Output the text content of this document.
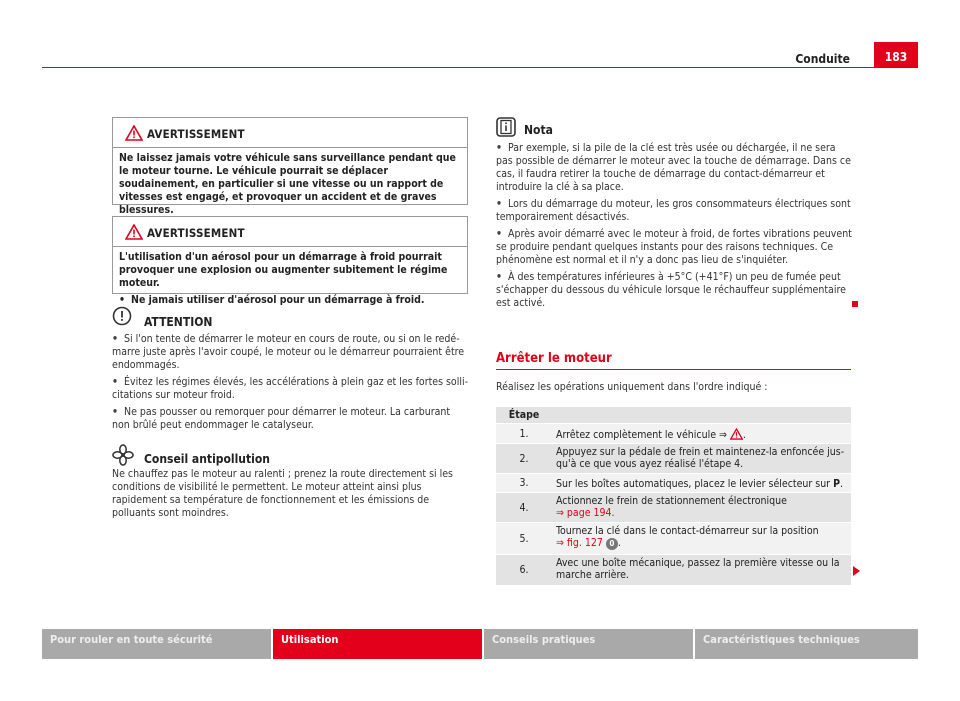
Conduite	183
AVERTISSEMENT

Ne laissez jamais votre véhicule sans surveillance pendant que le moteur tourne. Le véhicule pourrait se déplacer soudainement, en particulier si une vitesse ou un rapport de vitesses est engagé, et provoquer un accident et de graves blessures.

AVERTISSEMENT

L'utilisation d'un aérosol pour un démarrage à froid pourrait provoquer une explosion ou augmenter subitement le régime moteur.

• Ne jamais utiliser d'aérosol pour un démarrage à froid.

ATTENTION
• Si l'on tente de démarrer le moteur en cours de route, ou si on le redémarre juste après l'avoir coupé, le moteur ou le démarreur pourraient être endommagés.
• Évitez les régimes élevés, les accélérations à plein gaz et les fortes sollicitations sur moteur froid.
• Ne pas pousser ou remorquer pour démarrer le moteur. La carburant non brûlé peut endommager le catalyseur.
Conseil antipollution
Ne chauffez pas le moteur au ralenti ; prenez la route directement si les conditions de visibilité le permettent. Le moteur atteint ainsi plus rapidement sa température de fonctionnement et les émissions de polluants sont moindres.
Nota
• Par exemple, si la pile de la clé est très usée ou déchargée, il ne sera pas possible de démarrer le moteur avec la touche de démarrage. Dans ce cas, il faudra retirer la touche de démarrage du contact-démarreur et introduire la clé à sa place.
• Lors du démarrage du moteur, les gros consommateurs électriques sont temporairement désactivés.
• Après avoir démarré avec le moteur à froid, de fortes vibrations peuvent se produire pendant quelques instants pour des raisons techniques. Ce phénomène est normal et il n'y a donc pas lieu de s'inquiéter.
• À des températures inférieures à +5°C (+41°F) un peu de fumée peut s'échapper du dessous du véhicule lorsque le réchauffeur supplémentaire est activé.
Arrêter le moteur
Réalisez les opérations uniquement dans l'ordre indiqué :
Étape	
1.	Arrêtez complètement le véhicule ⇒ .
2.	Appuyez sur la pédale de frein et maintenez-la enfoncée jusqu'à ce que vous ayez réalisé l'étape 4.
3.	Sur les boîtes automatiques, placez le levier sélecteur sur P.
4.	Actionnez le frein de stationnement électronique
⇒ page 194.
5.	Tournez la clé dans le contact-démarreur sur la position
⇒ fig. 127 0 .
6.	Avec une boîte mécanique, passez la première vitesse ou la marche arrière.
Pour rouler en toute sécurité	Utilisation	Conseils pratiques	Caractéristiques techniques
